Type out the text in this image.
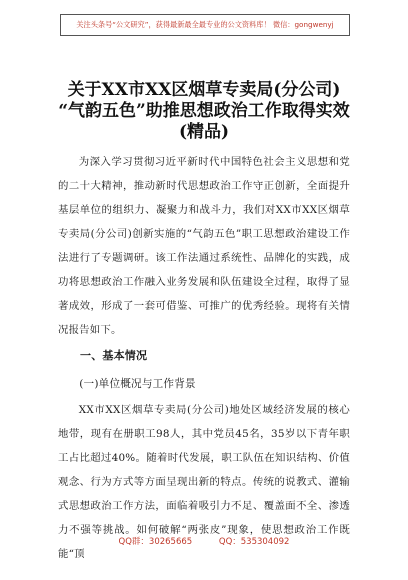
关注头条号“公文研究”，获得最新最全最专业的公文资料库！ 微信：gongwenyj
关于XX市XX区烟草专卖局(分公司)
“气韵五色”助推思想政治工作取得实效
(精品)

为深入学习贯彻习近平新时代中国特色社会主义思想和党的二十大精神，推动新时代思想政治工作守正创新，全面提升基层单位的组织力、凝聚力和战斗力，我们对XX市XX区烟草专卖局(分公司)创新实施的“气韵五色”职工思想政治建设工作法进行了专题调研。该工作法通过系统性、品牌化的实践，成功将思想政治工作融入业务发展和队伍建设全过程，取得了显著成效，形成了一套可借鉴、可推广的优秀经验。现将有关情况报告如下。

一、基本情况
(一)单位概况与工作背景

XX市XX区烟草专卖局(分公司)地处区域经济发展的核心地带，现有在册职工98人，其中党员45名，35岁以下青年职工占比超过40%。随着时代发展，职工队伍在知识结构、价值观念、行为方式等方面呈现出新的特点。传统的说教式、灌输式思想政治工作方法，面临着吸引力不足、覆盖面不全、渗透力不强等挑战。如何破解“两张皮”现象，使思想政治工作既能“顶

QQ群：30265665	QQ：535304092
